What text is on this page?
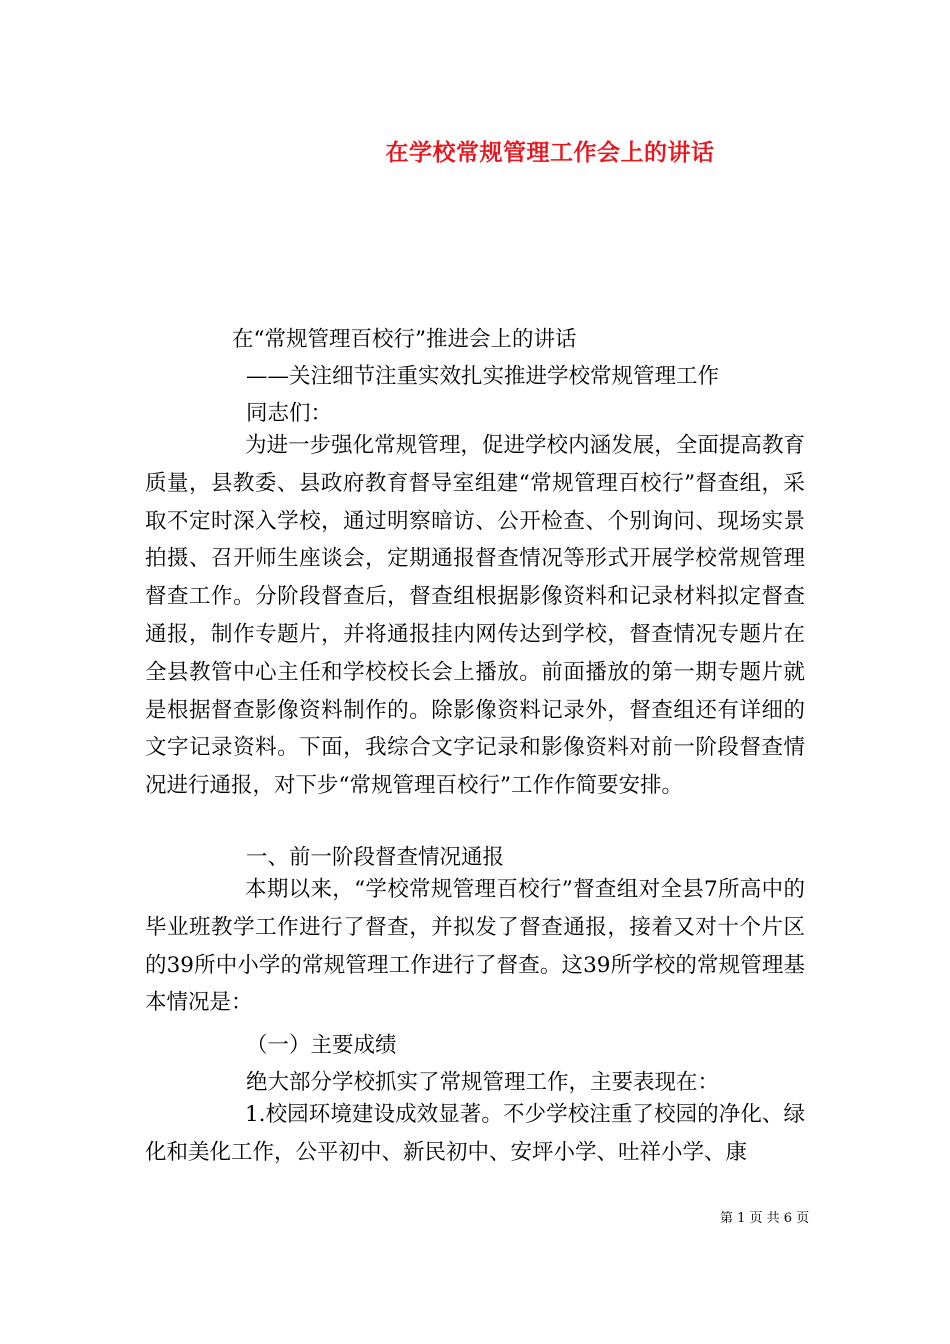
在学校常规管理工作会上的讲话
在“常规管理百校行”推进会上的讲话
——关注细节注重实效扎实推进学校常规管理工作
同志们：
为进一步强化常规管理，促进学校内涵发展，全面提高教育质量，县教委、县政府教育督导室组建“常规管理百校行”督查组，采取不定时深入学校，通过明察暗访、公开检查、个别询问、现场实景拍摄、召开师生座谈会，定期通报督查情况等形式开展学校常规管理督查工作。分阶段督查后，督查组根据影像资料和记录材料拟定督查通报，制作专题片，并将通报挂内网传达到学校，督查情况专题片在全县教管中心主任和学校校长会上播放。前面播放的第一期专题片就是根据督查影像资料制作的。除影像资料记录外，督查组还有详细的文字记录资料。下面，我综合文字记录和影像资料对前一阶段督查情况进行通报，对下步“常规管理百校行”工作作简要安排。
一、前一阶段督查情况通报
本期以来，“学校常规管理百校行”督查组对全县7所高中的毕业班教学工作进行了督查，并拟发了督查通报，接着又对十个片区的39所中小学的常规管理工作进行了督查。这39所学校的常规管理基本情况是：
（一）主要成绩
绝大部分学校抓实了常规管理工作，主要表现在：
1.校园环境建设成效显著。不少学校注重了校园的净化、绿化和美化工作，公平初中、新民初中、安坪小学、吐祥小学、康
第 1 页 共 6 页
